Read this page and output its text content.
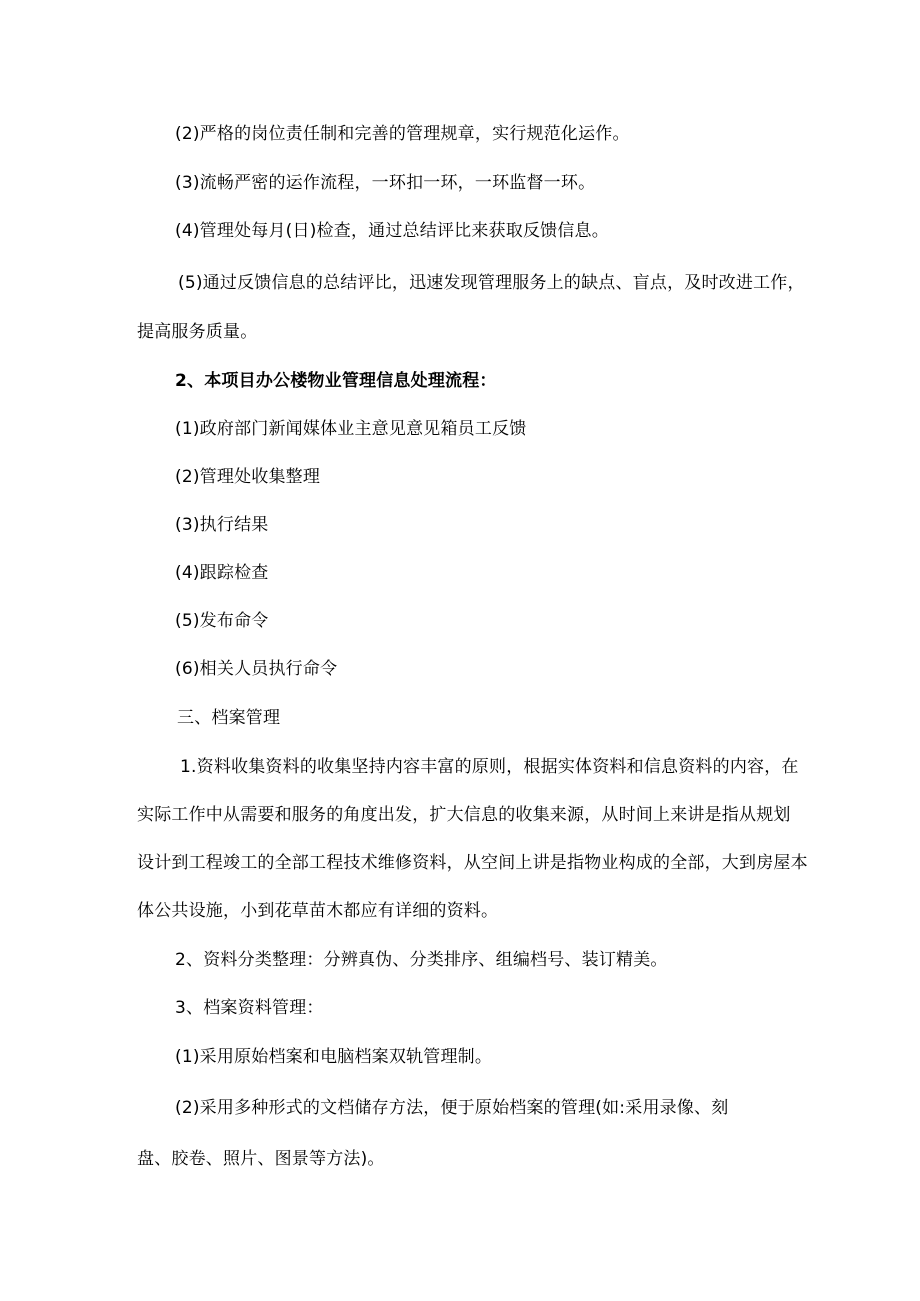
(2)严格的岗位责任制和完善的管理规章，实行规范化运作。
(3)流畅严密的运作流程，一环扣一环，一环监督一环。
(4)管理处每月(日)检查，通过总结评比来获取反馈信息。
(5)通过反馈信息的总结评比，迅速发现管理服务上的缺点、盲点，及时改进工作，
提高服务质量。
2、本项目办公楼物业管理信息处理流程：
(1)政府部门新闻媒体业主意见意见箱员工反馈
(2)管理处收集整理
(3)执行结果
(4)跟踪检查
(5)发布命令
(6)相关人员执行命令
三、档案管理
1.资料收集资料的收集坚持内容丰富的原则，根据实体资料和信息资料的内容，在
实际工作中从需要和服务的角度出发，扩大信息的收集来源，从时间上来讲是指从规划
设计到工程竣工的全部工程技术维修资料，从空间上讲是指物业构成的全部，大到房屋本
体公共设施，小到花草苗木都应有详细的资料。
2、资料分类整理：分辨真伪、分类排序、组编档号、装订精美。
3、档案资料管理：
(1)采用原始档案和电脑档案双轨管理制。
(2)采用多种形式的文档储存方法，便于原始档案的管理(如:采用录像、刻
盘、胶卷、照片、图景等方法)。
